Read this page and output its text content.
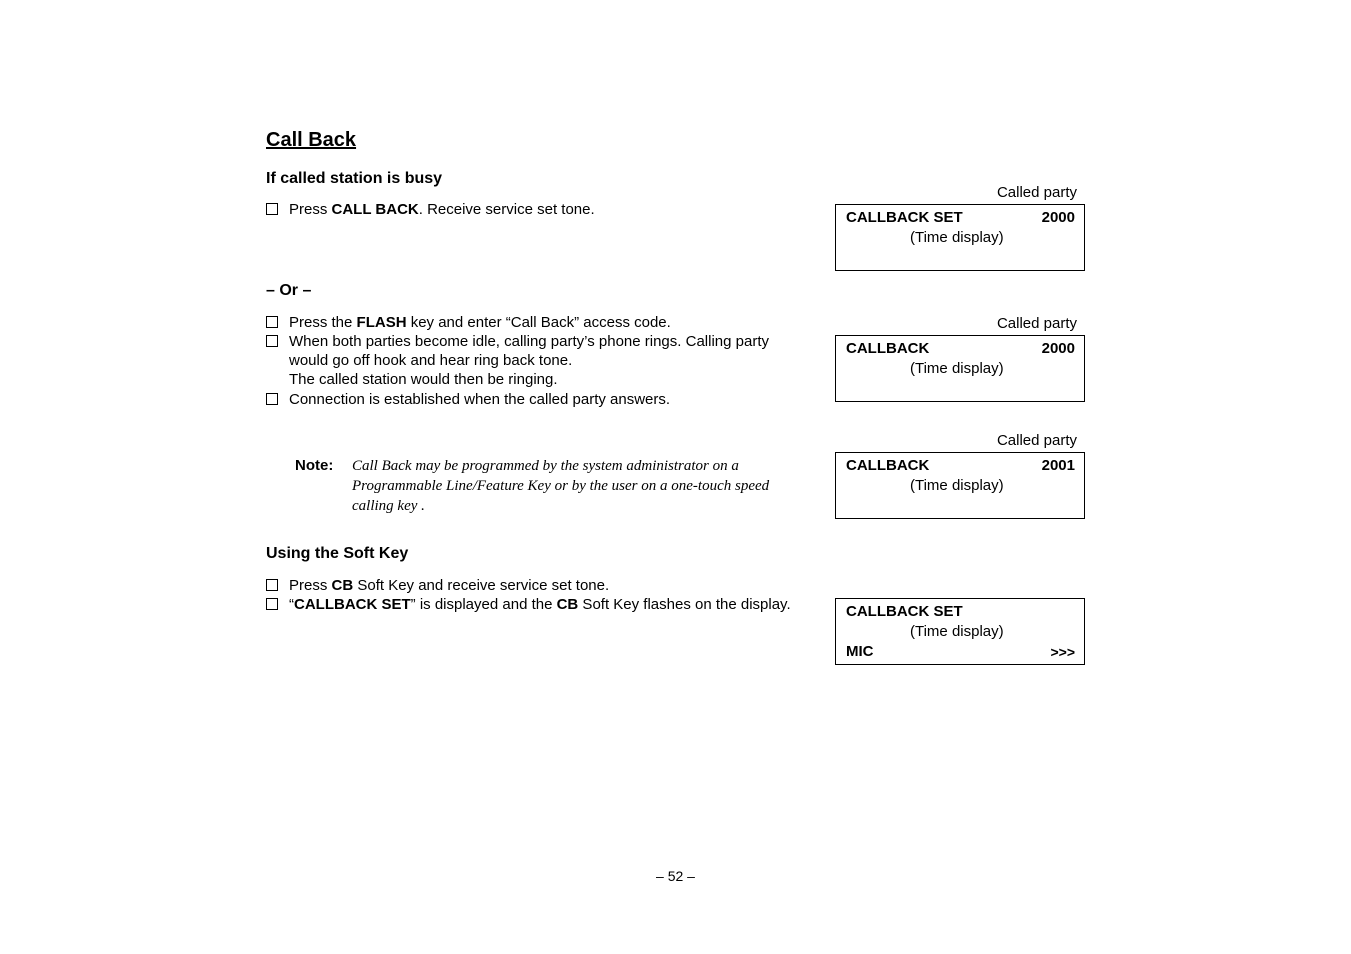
Call Back
If called station is busy
Press CALL BACK. Receive service set tone.
– Or –
Press the FLASH key and enter “Call Back” access code.
When both parties become idle, calling party’s phone rings. Calling party
would go off hook and hear ring back tone.
The called station would then be ringing.
Connection is established when the called party answers.
Note: Call Back may be programmed by the system administrator on a
Programmable Line/Feature Key or by the user on a one-touch speed
calling key .
Using the Soft Key
Press CB Soft Key and receive service set tone.
“CALLBACK SET” is displayed and the CB Soft Key flashes on the display.
Called party
CALLBACK SET	2000
(Time display)
Called party
CALLBACK	2000
(Time display)
Called party
CALLBACK	2001
(Time display)
CALLBACK SET
(Time display)
MIC	>>>
– 52 –
